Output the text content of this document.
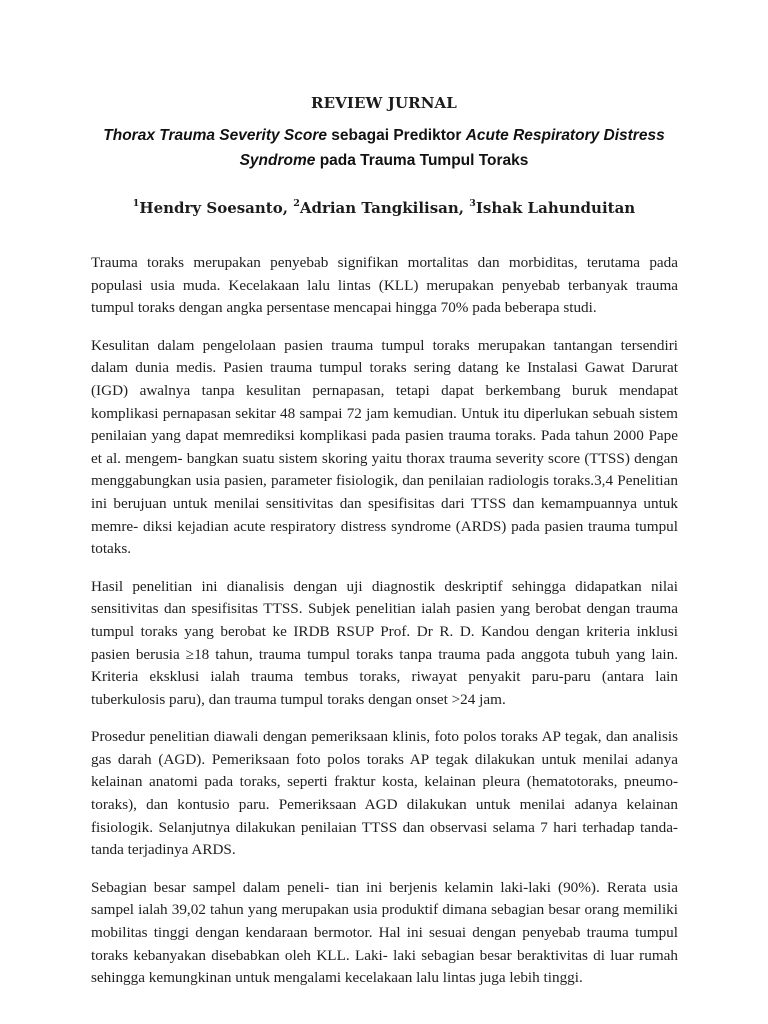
REVIEW JURNAL
Thorax Trauma Severity Score sebagai Prediktor Acute Respiratory Distress Syndrome pada Trauma Tumpul Toraks
$^1$Hendry Soesanto, $^2$Adrian Tangkilisan, $^3$Ishak Lahunduitan

Trauma toraks merupakan penyebab signifikan mortalitas dan morbiditas, terutama pada populasi usia muda. Kecelakaan lalu lintas (KLL) merupakan penyebab terbanyak trauma tumpul toraks dengan angka persentase mencapai hingga 70% pada beberapa studi.

Kesulitan dalam pengelolaan pasien trauma tumpul toraks merupakan tantangan tersendiri dalam dunia medis. Pasien trauma tumpul toraks sering datang ke Instalasi Gawat Darurat (IGD) awalnya tanpa kesulitan pernapasan, tetapi dapat berkembang buruk mendapat komplikasi pernapasan sekitar 48 sampai 72 jam kemudian. Untuk itu diperlukan sebuah sistem penilaian yang dapat memrediksi komplikasi pada pasien trauma toraks. Pada tahun 2000 Pape et al. mengem- bangkan suatu sistem skoring yaitu thorax trauma severity score (TTSS) dengan menggabungkan usia pasien, parameter fisiologik, dan penilaian radiologis toraks.3,4 Penelitian ini berujuan untuk menilai sensitivitas dan spesifisitas dari TTSS dan kemampuannya untuk memre- diksi kejadian acute respiratory distress syndrome (ARDS) pada pasien trauma tumpul totaks.

Hasil penelitian ini dianalisis dengan uji diagnostik deskriptif sehingga didapatkan nilai sensitivitas dan spesifisitas TTSS. Subjek penelitian ialah pasien yang berobat dengan trauma tumpul toraks yang berobat ke IRDB RSUP Prof. Dr R. D. Kandou dengan kriteria inklusi pasien berusia ≥18 tahun, trauma tumpul toraks tanpa trauma pada anggota tubuh yang lain. Kriteria eksklusi ialah trauma tembus toraks, riwayat penyakit paru-paru (antara lain tuberkulosis paru), dan trauma tumpul toraks dengan onset >24 jam.

Prosedur penelitian diawali dengan pemeriksaan klinis, foto polos toraks AP tegak, dan analisis gas darah (AGD). Pemeriksaan foto polos toraks AP tegak dilakukan untuk menilai adanya kelainan anatomi pada toraks, seperti fraktur kosta, kelainan pleura (hematotoraks, pneumo-toraks), dan kontusio paru. Pemeriksaan AGD dilakukan untuk menilai adanya kelainan fisiologik. Selanjutnya dilakukan penilaian TTSS dan observasi selama 7 hari terhadap tanda-tanda terjadinya ARDS.

Sebagian besar sampel dalam peneli- tian ini berjenis kelamin laki-laki (90%). Rerata usia sampel ialah 39,02 tahun yang merupakan usia produktif dimana sebagian besar orang memiliki mobilitas tinggi dengan kendaraan bermotor. Hal ini sesuai dengan penyebab trauma tumpul toraks kebanyakan disebabkan oleh KLL. Laki- laki sebagian besar beraktivitas di luar rumah sehingga kemungkinan untuk mengalami kecelakaan lalu lintas juga lebih tinggi.
